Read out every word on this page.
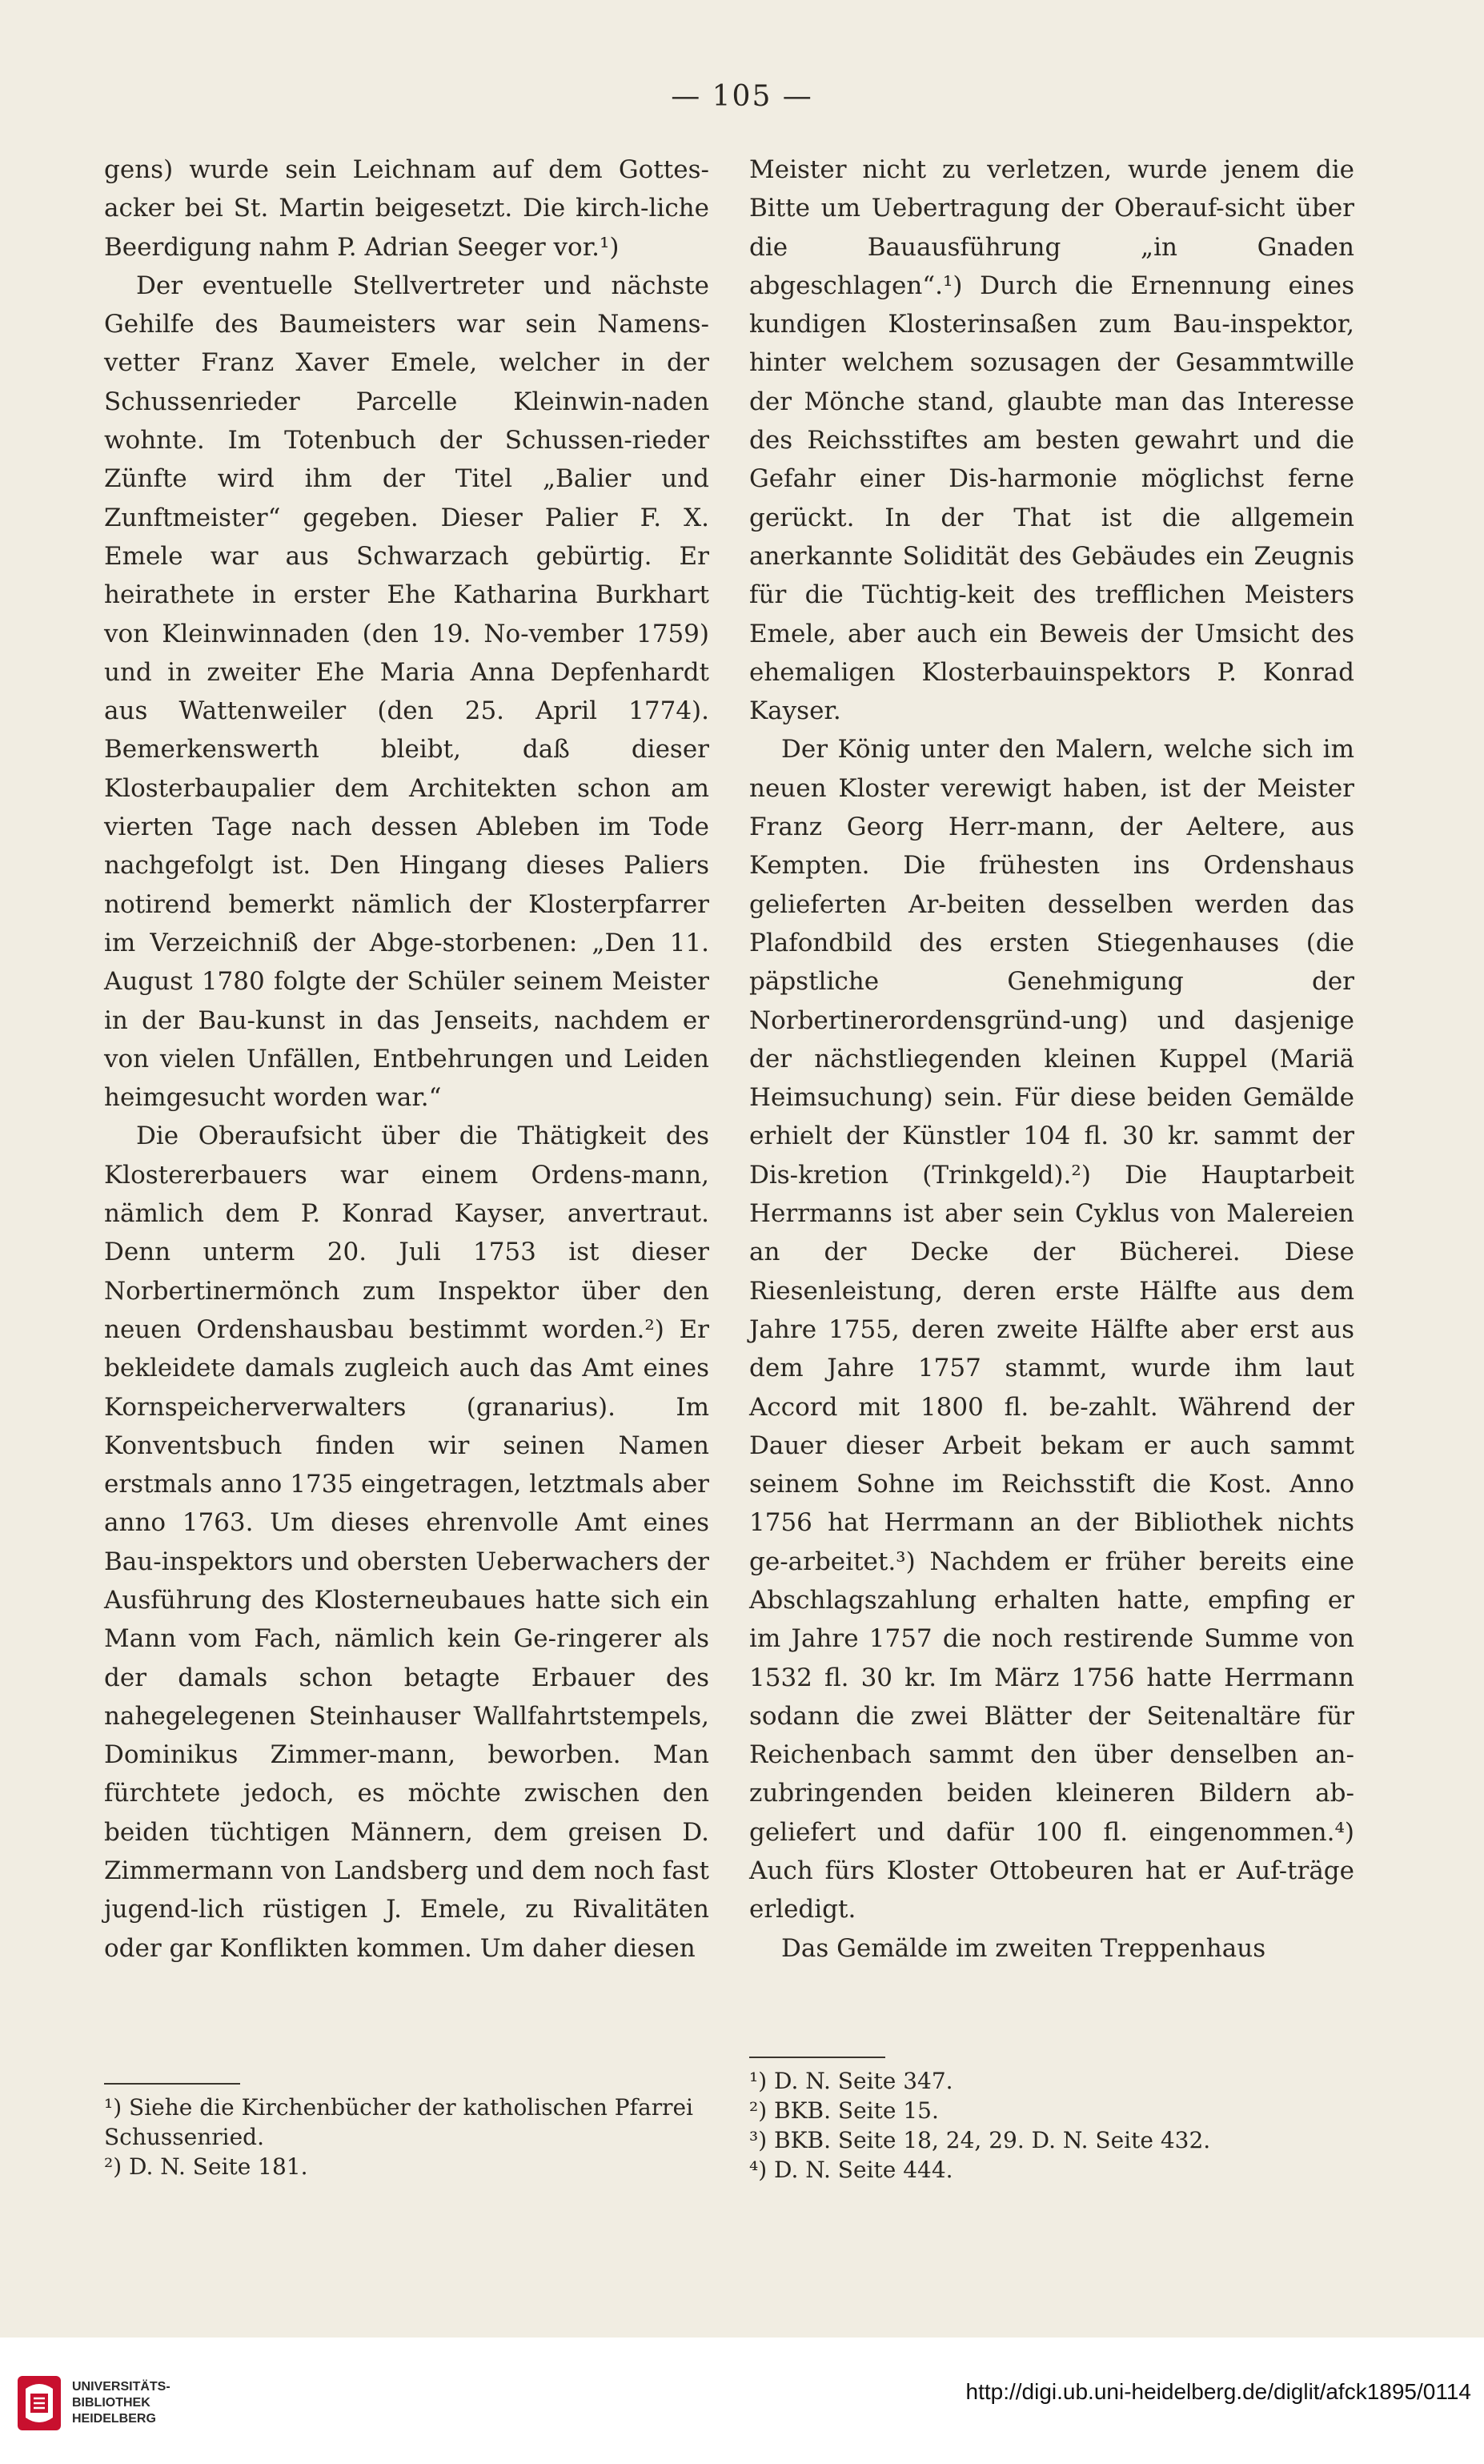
— 105 —

gens) wurde sein Leichnam auf dem Gottes-acker bei St. Martin beigesetzt. Die kirch-liche Beerdigung nahm P. Adrian Seeger vor.¹)

Der eventuelle Stellvertreter und nächste Gehilfe des Baumeisters war sein Namens-vetter Franz Xaver Emele, welcher in der Schussenrieder Parcelle Kleinwin-naden wohnte. Im Totenbuch der Schussen-rieder Zünfte wird ihm der Titel „Balier und Zunftmeister“ gegeben. Dieser Palier F. X. Emele war aus Schwarzach gebürtig. Er heirathete in erster Ehe Katharina Burkhart von Kleinwinnaden (den 19. No-vember 1759) und in zweiter Ehe Maria Anna Depfenhardt aus Wattenweiler (den 25. April 1774). Bemerkenswerth bleibt, daß dieser Klosterbaupalier dem Architekten schon am vierten Tage nach dessen Ableben im Tode nachgefolgt ist. Den Hingang dieses Paliers notirend bemerkt nämlich der Klosterpfarrer im Verzeichniß der Abge-storbenen: „Den 11. August 1780 folgte der Schüler seinem Meister in der Bau-kunst in das Jenseits, nachdem er von vielen Unfällen, Entbehrungen und Leiden heimgesucht worden war.“

Die Oberaufsicht über die Thätigkeit des Klostererbauers war einem Ordens-mann, nämlich dem P. Konrad Kayser, anvertraut. Denn unterm 20. Juli 1753 ist dieser Norbertinermönch zum Inspektor über den neuen Ordenshausbau bestimmt worden.²) Er bekleidete damals zugleich auch das Amt eines Kornspeicherverwalters (granarius). Im Konventsbuch finden wir seinen Namen erstmals anno 1735 eingetragen, letztmals aber anno 1763. Um dieses ehrenvolle Amt eines Bau-inspektors und obersten Ueberwachers der Ausführung des Klosterneubaues hatte sich ein Mann vom Fach, nämlich kein Ge-ringerer als der damals schon betagte Erbauer des nahegelegenen Steinhauser Wallfahrtstempels, Dominikus Zimmer-mann, beworben. Man fürchtete jedoch, es möchte zwischen den beiden tüchtigen Männern, dem greisen D. Zimmermann von Landsberg und dem noch fast jugend-lich rüstigen J. Emele, zu Rivalitäten oder gar Konflikten kommen. Um daher diesen

Meister nicht zu verletzen, wurde jenem die Bitte um Uebertragung der Oberauf-sicht über die Bauausführung „in Gnaden abgeschlagen“.¹) Durch die Ernennung eines kundigen Klosterinsaßen zum Bau-inspektor, hinter welchem sozusagen der Gesammtwille der Mönche stand, glaubte man das Interesse des Reichsstiftes am besten gewahrt und die Gefahr einer Dis-harmonie möglichst ferne gerückt. In der That ist die allgemein anerkannte Solidität des Gebäudes ein Zeugnis für die Tüchtig-keit des trefflichen Meisters Emele, aber auch ein Beweis der Umsicht des ehemaligen Klosterbauinspektors P. Konrad Kayser.

Der König unter den Malern, welche sich im neuen Kloster verewigt haben, ist der Meister Franz Georg Herr-mann, der Aeltere, aus Kempten. Die frühesten ins Ordenshaus gelieferten Ar-beiten desselben werden das Plafondbild des ersten Stiegenhauses (die päpstliche Genehmigung der Norbertinerordensgründ-ung) und dasjenige der nächstliegenden kleinen Kuppel (Mariä Heimsuchung) sein. Für diese beiden Gemälde erhielt der Künstler 104 fl. 30 kr. sammt der Dis-kretion (Trinkgeld).²) Die Hauptarbeit Herrmanns ist aber sein Cyklus von Malereien an der Decke der Bücherei. Diese Riesenleistung, deren erste Hälfte aus dem Jahre 1755, deren zweite Hälfte aber erst aus dem Jahre 1757 stammt, wurde ihm laut Accord mit 1800 fl. be-zahlt. Während der Dauer dieser Arbeit bekam er auch sammt seinem Sohne im Reichsstift die Kost. Anno 1756 hat Herrmann an der Bibliothek nichts ge-arbeitet.³) Nachdem er früher bereits eine Abschlagszahlung erhalten hatte, empfing er im Jahre 1757 die noch restirende Summe von 1532 fl. 30 kr. Im März 1756 hatte Herrmann sodann die zwei Blätter der Seitenaltäre für Reichenbach sammt den über denselben an-zubringenden beiden kleineren Bildern ab-geliefert und dafür 100 fl. eingenommen.⁴) Auch fürs Kloster Ottobeuren hat er Auf-träge erledigt.

Das Gemälde im zweiten Treppenhaus

¹) Siehe die Kirchenbücher der katholischen Pfarrei Schussenried.
²) D. N. Seite 181.
¹) D. N. Seite 347.
²) BKB. Seite 15.
³) BKB. Seite 18, 24, 29. D. N. Seite 432.
⁴) D. N. Seite 444.
UNIVERSITÄTS-
BIBLIOTHEK
HEIDELBERG
http://digi.ub.uni-heidelberg.de/diglit/afck1895/0114
